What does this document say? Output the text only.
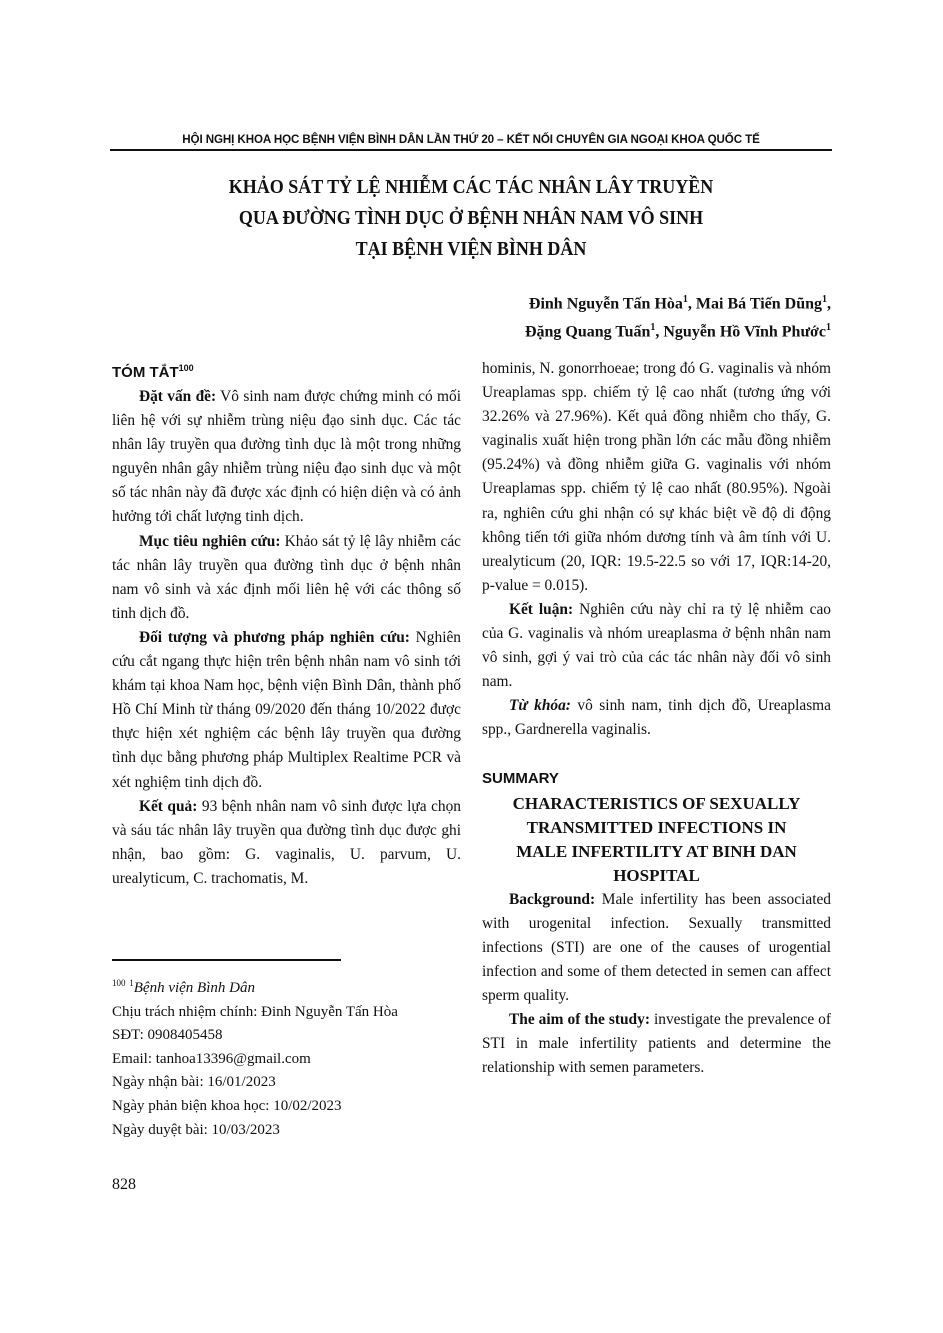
HỘI NGHỊ KHOA HỌC BỆNH VIỆN BÌNH DÂN LẦN THỨ 20 – KẾT NỐI CHUYÊN GIA NGOẠI KHOA QUỐC TẾ
KHẢO SÁT TỶ LỆ NHIỄM CÁC TÁC NHÂN LÂY TRUYỀN
QUA ĐƯỜNG TÌNH DỤC Ở BỆNH NHÂN NAM VÔ SINH
TẠI BỆNH VIỆN BÌNH DÂN
Đinh Nguyễn Tấn Hòa$^1$, Mai Bá Tiến Dũng$^1$,
Đặng Quang Tuấn$^1$, Nguyễn Hồ Vĩnh Phước$^1$
TÓM TẮT$^{100}$

Đặt vấn đề: Vô sinh nam được chứng minh có mối liên hệ với sự nhiễm trùng niệu đạo sinh dục. Các tác nhân lây truyền qua đường tình dục là một trong những nguyên nhân gây nhiễm trùng niệu đạo sinh dục và một số tác nhân này đã được xác định có hiện diện và có ảnh hưởng tới chất lượng tinh dịch.

Mục tiêu nghiên cứu: Khảo sát tỷ lệ lây nhiễm các tác nhân lây truyền qua đường tình dục ở bệnh nhân nam vô sinh và xác định mối liên hệ với các thông số tinh dịch đồ.

Đối tượng và phương pháp nghiên cứu: Nghiên cứu cắt ngang thực hiện trên bệnh nhân nam vô sinh tới khám tại khoa Nam học, bệnh viện Bình Dân, thành phố Hồ Chí Minh từ tháng 09/2020 đến tháng 10/2022 được thực hiện xét nghiệm các bệnh lây truyền qua đường tình dục bằng phương pháp Multiplex Realtime PCR và xét nghiệm tinh dịch đồ.

Kết quả: 93 bệnh nhân nam vô sinh được lựa chọn và sáu tác nhân lây truyền qua đường tình dục được ghi nhận, bao gồm: G. vaginalis, U. parvum, U. urealyticum, C. trachomatis, M.

hominis, N. gonorrhoeae; trong đó G. vaginalis và nhóm Ureaplamas spp. chiếm tỷ lệ cao nhất (tương ứng với 32.26% và 27.96%). Kết quả đồng nhiễm cho thấy, G. vaginalis xuất hiện trong phần lớn các mẫu đồng nhiễm (95.24%) và đồng nhiễm giữa G. vaginalis với nhóm Ureaplamas spp. chiếm tỷ lệ cao nhất (80.95%). Ngoài ra, nghiên cứu ghi nhận có sự khác biệt về độ di động không tiến tới giữa nhóm dương tính và âm tính với U. urealyticum (20, IQR: 19.5-22.5 so với 17, IQR:14-20, p-value = 0.015).

Kết luận: Nghiên cứu này chỉ ra tỷ lệ nhiễm cao của G. vaginalis và nhóm ureaplasma ở bệnh nhân nam vô sinh, gợi ý vai trò của các tác nhân này đối vô sinh nam.

Từ khóa: vô sinh nam, tinh dịch đồ, Ureaplasma spp., Gardnerella vaginalis.

SUMMARY
CHARACTERISTICS OF SEXUALLY
TRANSMITTED INFECTIONS IN
MALE INFERTILITY AT BINH DAN
HOSPITAL

Background: Male infertility has been associated with urogenital infection. Sexually transmitted infections (STI) are one of the causes of urogential infection and some of them detected in semen can affect sperm quality.

The aim of the study: investigate the prevalence of STI in male infertility patients and determine the relationship with semen parameters.

$^{100}$ $^1$Bệnh viện Bình Dân
Chịu trách nhiệm chính: Đinh Nguyễn Tấn Hòa
SĐT: 0908405458
Email: tanhoa13396@gmail.com
Ngày nhận bài: 16/01/2023
Ngày phản biện khoa học: 10/02/2023
Ngày duyệt bài: 10/03/2023
828
